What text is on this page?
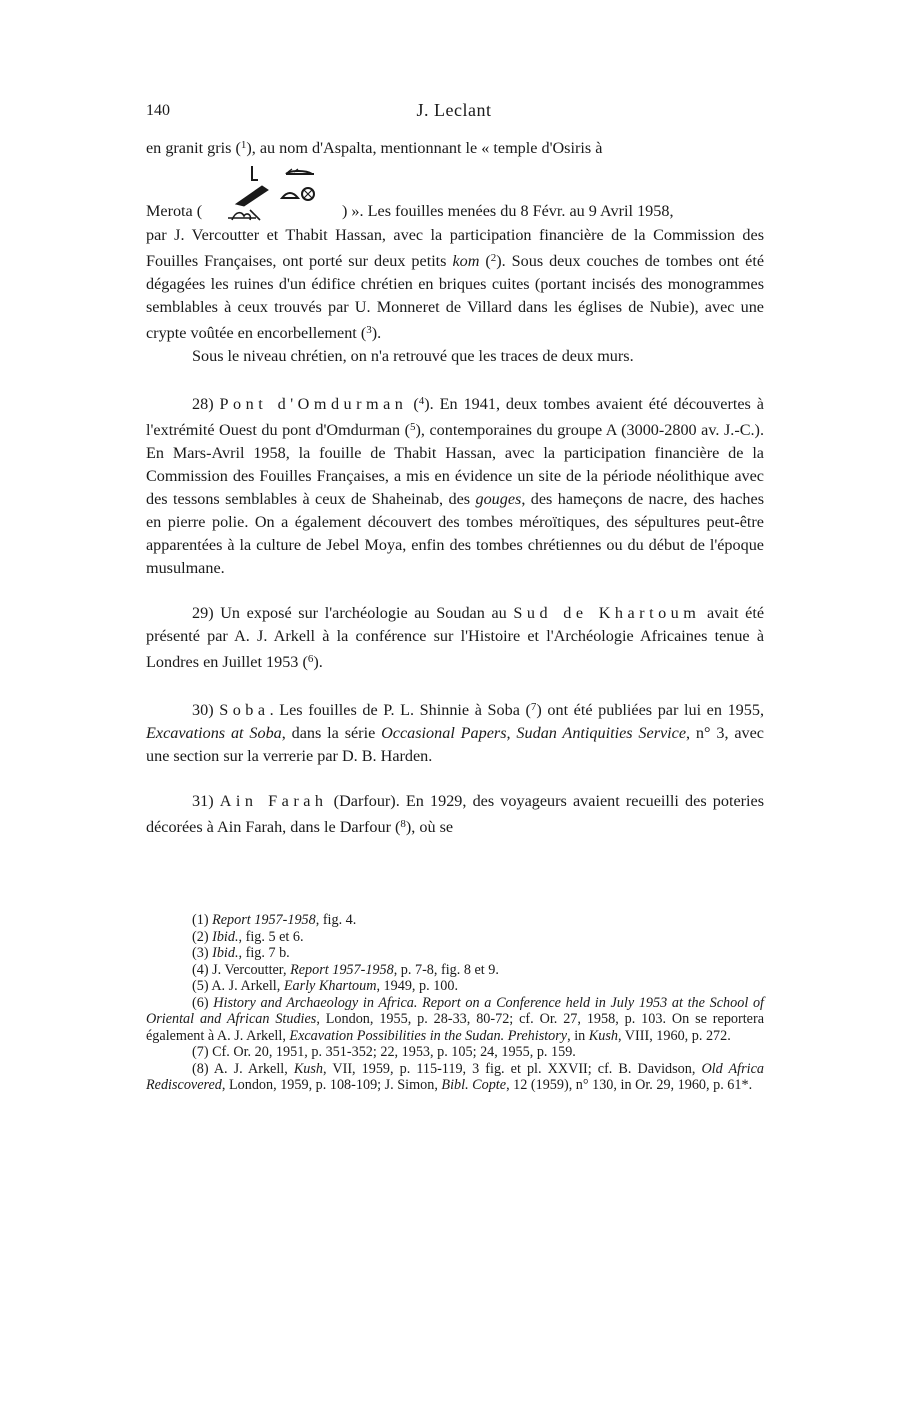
140	J. Leclant

en granit gris ($^1$), au nom d'Aspalta, mentionnant le « temple d'Osiris à

Merota (	) ». Les fouilles menées du 8 Févr. au 9 Avril 1958,

par J. Vercoutter et Thabit Hassan, avec la participation financière de la Commission des Fouilles Françaises, ont porté sur deux petits kom ($^2$). Sous deux couches de tombes ont été dégagées les ruines d'un édifice chrétien en briques cuites (portant incisés des monogrammes semblables à ceux trouvés par U. Monneret de Villard dans les églises de Nubie), avec une crypte voûtée en encorbellement ($^3$).

Sous le niveau chrétien, on n'a retrouvé que les traces de deux murs.

28) Pont d'Omdurman ($^4$). En 1941, deux tombes avaient été découvertes à l'extrémité Ouest du pont d'Omdurman ($^5$), contemporaines du groupe A (3000-2800 av. J.-C.). En Mars-Avril 1958, la fouille de Thabit Hassan, avec la participation financière de la Commission des Fouilles Françaises, a mis en évidence un site de la période néolithique avec des tessons semblables à ceux de Shaheinab, des gouges, des hameçons de nacre, des haches en pierre polie. On a également découvert des tombes méroïtiques, des sépultures peut-être apparentées à la culture de Jebel Moya, enfin des tombes chrétiennes ou du début de l'époque musulmane.

29) Un exposé sur l'archéologie au Soudan au Sud de Khartoum avait été présenté par A. J. Arkell à la conférence sur l'Histoire et l'Archéologie Africaines tenue à Londres en Juillet 1953 ($^6$).

30) Soba. Les fouilles de P. L. Shinnie à Soba ($^7$) ont été publiées par lui en 1955, Excavations at Soba, dans la série Occasional Papers, Sudan Antiquities Service, n° 3, avec une section sur la verrerie par D. B. Harden.

31) Ain Farah (Darfour). En 1929, des voyageurs avaient recueilli des poteries décorées à Ain Farah, dans le Darfour ($^8$), où se

(1) Report 1957-1958, fig. 4.

(2) Ibid., fig. 5 et 6.

(3) Ibid., fig. 7 b.

(4) J. Vercoutter, Report 1957-1958, p. 7-8, fig. 8 et 9.

(5) A. J. Arkell, Early Khartoum, 1949, p. 100.

(6) History and Archaeology in Africa. Report on a Conference held in July 1953 at the School of Oriental and African Studies, London, 1955, p. 28-33, 80-72; cf. Or. 27, 1958, p. 103. On se reportera également à A. J. Arkell, Excavation Possibilities in the Sudan. Prehistory, in Kush, VIII, 1960, p. 272.

(7) Cf. Or. 20, 1951, p. 351-352; 22, 1953, p. 105; 24, 1955, p. 159.

(8) A. J. Arkell, Kush, VII, 1959, p. 115-119, 3 fig. et pl. XXVII; cf. B. Davidson, Old Africa Rediscovered, London, 1959, p. 108-109; J. Simon, Bibl. Copte, 12 (1959), n° 130, in Or. 29, 1960, p. 61*.
